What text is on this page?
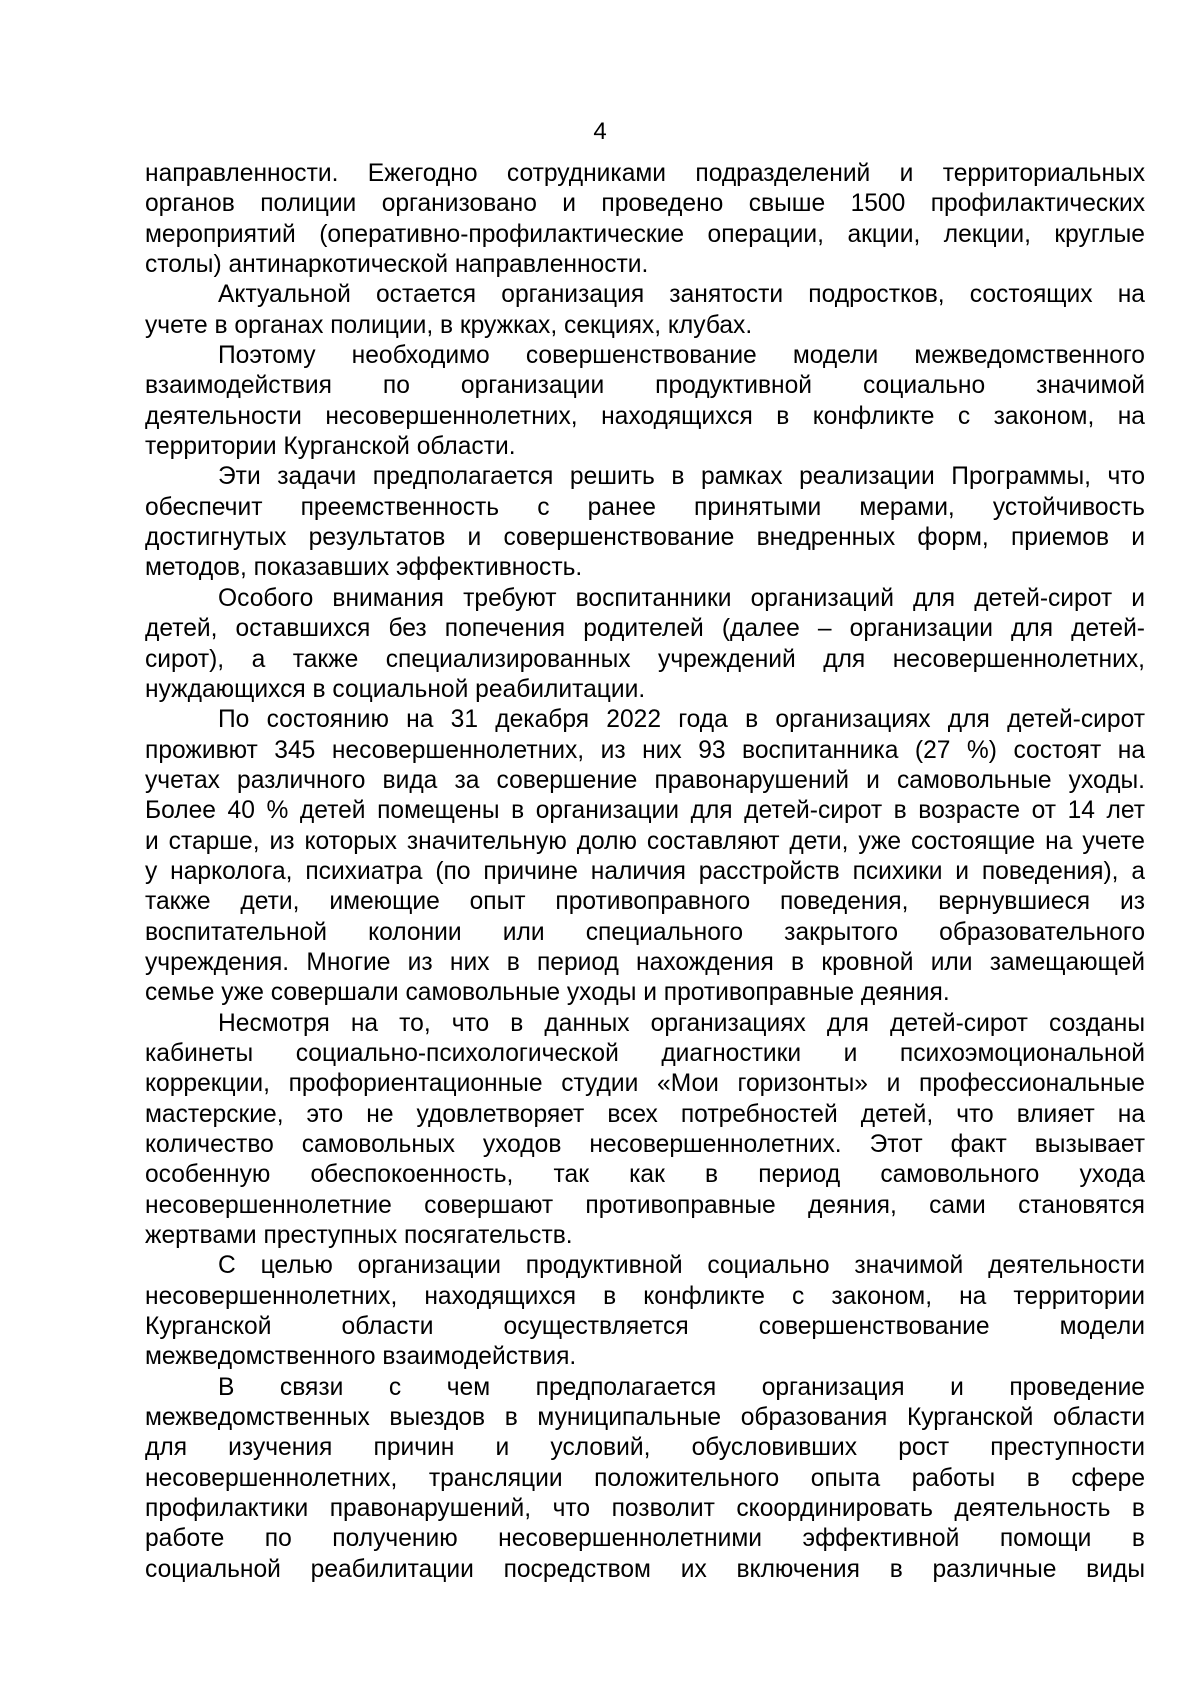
4
направленности. Ежегодно сотрудниками подразделений и территориальных
органов полиции организовано и проведено свыше 1500 профилактических
мероприятий (оперативно-профилактические операции, акции, лекции, круглые
столы) антинаркотической направленности.
Актуальной остается организация занятости подростков, состоящих на
учете в органах полиции, в кружках, секциях, клубах.
Поэтому необходимо совершенствование модели межведомственного
взаимодействия по организации продуктивной социально значимой
деятельности несовершеннолетних, находящихся в конфликте с законом, на
территории Курганской области.
Эти задачи предполагается решить в рамках реализации Программы, что
обеспечит преемственность с ранее принятыми мерами, устойчивость
достигнутых результатов и совершенствование внедренных форм, приемов и
методов, показавших эффективность.
Особого внимания требуют воспитанники организаций для детей-сирот и
детей, оставшихся без попечения родителей (далее – организации для детей-
сирот), а также специализированных учреждений для несовершеннолетних,
нуждающихся в социальной реабилитации.
По состоянию на 31 декабря 2022 года в организациях для детей-сирот
проживют 345 несовершеннолетних, из них 93 воспитанника (27 %) состоят на
учетах различного вида за совершение правонарушений и самовольные уходы.
Более 40 % детей помещены в организации для детей-сирот в возрасте от 14 лет
и старше, из которых значительную долю составляют дети, уже состоящие на учете
у нарколога, психиатра (по причине наличия расстройств психики и поведения), а
также дети, имеющие опыт противоправного поведения, вернувшиеся из
воспитательной колонии или специального закрытого образовательного
учреждения. Многие из них в период нахождения в кровной или замещающей
семье уже совершали самовольные уходы и противоправные деяния.
Несмотря на то, что в данных организациях для детей-сирот созданы
кабинеты социально-психологической диагностики и психоэмоциональной
коррекции, профориентационные студии «Мои горизонты» и профессиональные
мастерские, это не удовлетворяет всех потребностей детей, что влияет на
количество самовольных уходов несовершеннолетних. Этот факт вызывает
особенную обеспокоенность, так как в период самовольного ухода
несовершеннолетние совершают противоправные деяния, сами становятся
жертвами преступных посягательств.
С целью организации продуктивной социально значимой деятельности
несовершеннолетних, находящихся в конфликте с законом, на территории
Курганской области осуществляется совершенствование модели
межведомственного взаимодействия.
В связи с чем предполагается организация и проведение
межведомственных выездов в муниципальные образования Курганской области
для изучения причин и условий, обусловивших рост преступности
несовершеннолетних, трансляции положительного опыта работы в сфере
профилактики правонарушений, что позволит скоординировать деятельность в
работе по получению несовершеннолетними эффективной помощи в
социальной реабилитации посредством их включения в различные виды
